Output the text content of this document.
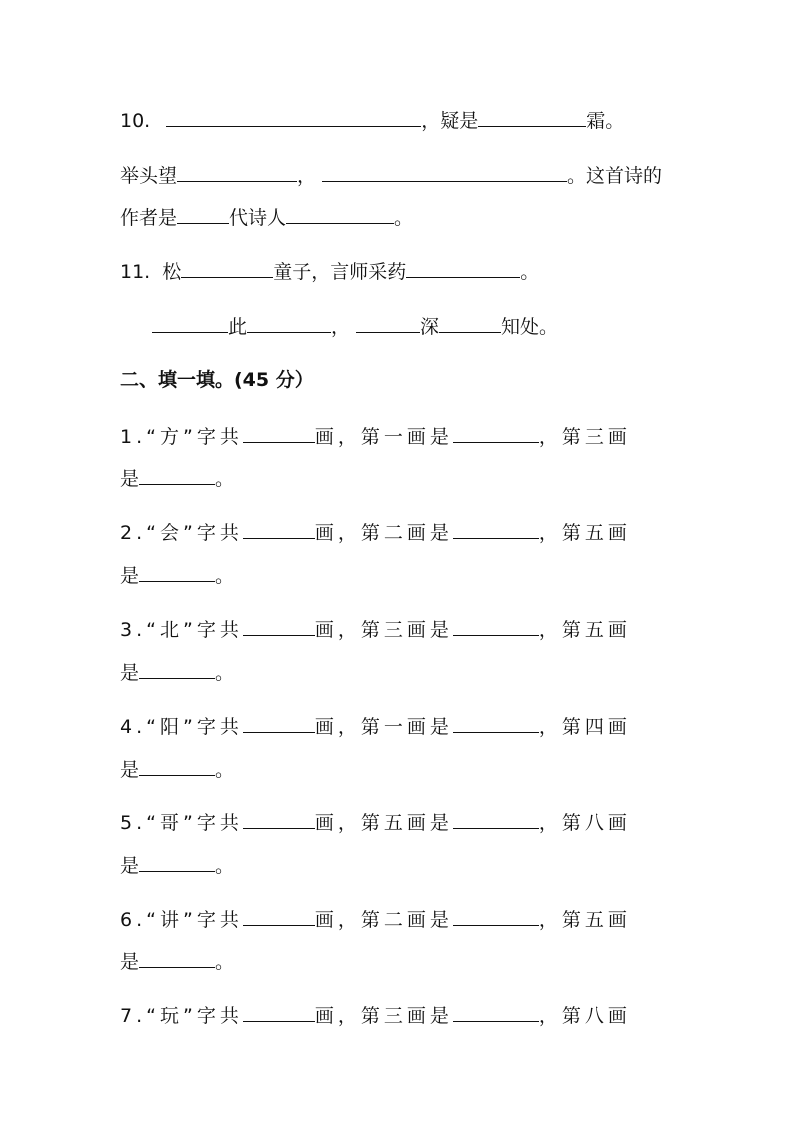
10.	，疑是	霜。
举头望	，	。这首诗的
作者是	代诗人	。
11. 松	童子，言师采药	。
此	，	深	知处。
二、填一填。(45 分）
1.“方”字共	画，第一画是	，第三画
是	。
2.“会”字共	画，第二画是	，第五画
是	。
3.“北”字共	画，第三画是	，第五画
是	。
4.“阳”字共	画，第一画是	，第四画
是	。
5.“哥”字共	画，第五画是	，第八画
是	。
6.“讲”字共	画，第二画是	，第五画
是	。
7.“玩”字共	画，第三画是	，第八画
